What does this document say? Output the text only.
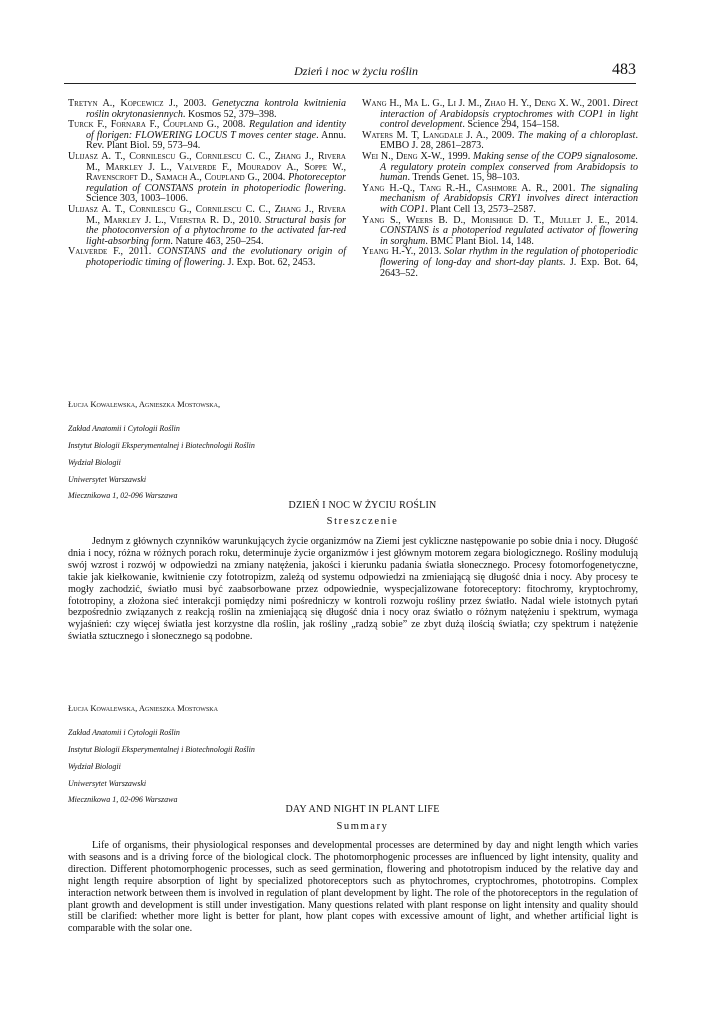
Dzień i noc w życiu roślin	483

Tretyn A., Kopcewicz J., 2003. Genetyczna kontrola kwitnienia roślin okrytonasiennych. Kosmos 52, 379–398.

Turck F., Fornara F., Coupland G., 2008. Regulation and identity of florigen: FLOWERING LOCUS T moves center stage. Annu. Rev. Plant Biol. 59, 573–94.

Ulijasz A. T., Cornilescu G., Cornilescu C. C., Zhang J., Rivera M., Markley J. L., Valverde F., Mouradov A., Soppe W., Ravenscroft D., Samach A., Coupland G., 2004. Photoreceptor regulation of CONSTANS protein in photoperiodic flowering. Science 303, 1003–1006.

Ulijasz A. T., Cornilescu G., Cornilescu C. C., Zhang J., Rivera M., Markley J. L., Vierstra R. D., 2010. Structural basis for the photoconversion of a phytochrome to the activated far-red light-absorbing form. Nature 463, 250–254.

Valverde F., 2011. CONSTANS and the evolutionary origin of photoperiodic timing of flowering. J. Exp. Bot. 62, 2453.

Wang H., Ma L. G., Li J. M., Zhao H. Y., Deng X. W., 2001. Direct interaction of Arabidopsis cryptochromes with COP1 in light control development. Science 294, 154–158.

Waters M. T, Langdale J. A., 2009. The making of a chloroplast. EMBO J. 28, 2861–2873.

Wei N., Deng X-W., 1999. Making sense of the COP9 signalosome. A regulatory protein complex conserved from Arabidopsis to human. Trends Genet. 15, 98–103.

Yang H.-Q., Tang R.-H., Cashmore A. R., 2001. The signaling mechanism of Arabidopsis CRY1 involves direct interaction with COP1. Plant Cell 13, 2573–2587.

Yang S., Weers B. D., Morishige D. T., Mullet J. E., 2014. CONSTANS is a photoperiod regulated activator of flowering in sorghum. BMC Plant Biol. 14, 148.

Yeang H.-Y., 2013. Solar rhythm in the regulation of photoperiodic flowering of long-day and short-day plants. J. Exp. Bot. 64, 2643–52.

Łucja Kowalewska, Agnieszka Mostowska,
Zakład Anatomii i Cytologii Roślin
Instytut Biologii Eksperymentalnej i Biotechnologii Roślin
Wydział Biologii
Uniwersytet Warszawski
Miecznikowa 1, 02-096 Warszawa
DZIEŃ I NOC W ŻYCIU ROŚLIN
Streszczenie

Jednym z głównych czynników warunkujących życie organizmów na Ziemi jest cykliczne następowanie po sobie dnia i nocy. Długość dnia i nocy, różna w różnych porach roku, determinuje życie organizmów i jest głównym motorem zegara biologicznego. Rośliny modulują swój wzrost i rozwój w odpowiedzi na zmiany natężenia, jakości i kierunku padania światła słonecznego. Procesy fotomorfogenetyczne, takie jak kiełkowanie, kwitnienie czy fototropizm, zależą od systemu odpowiedzi na zmieniającą się długość dnia i nocy. Aby procesy te mogły zachodzić, światło musi być zaabsorbowane przez odpowiednie, wyspecjalizowane fotoreceptory: fitochromy, kryptochromy, fototropiny, a złożona sieć interakcji pomiędzy nimi pośredniczy w kontroli rozwoju rośliny przez światło. Nadal wiele istotnych pytań bezpośrednio związanych z reakcją roślin na zmieniającą się długość dnia i nocy oraz światło o różnym natężeniu i spektrum, wymaga wyjaśnień: czy więcej światła jest korzystne dla roślin, jak rośliny „radzą sobie” ze zbyt dużą ilością światła; czy spektrum i natężenie światła sztucznego i słonecznego są podobne.

Łucja Kowalewska, Agnieszka Mostowska
Zakład Anatomii i Cytologii Roślin
Instytut Biologii Eksperymentalnej i Biotechnologii Roślin
Wydział Biologii
Uniwersytet Warszawski
Miecznikowa 1, 02-096 Warszawa
DAY AND NIGHT IN PLANT LIFE
Summary

Life of organisms, their physiological responses and developmental processes are determined by day and night length which varies with seasons and is a driving force of the biological clock. The photomorphogenic processes are influenced by light intensity, quality and direction. Different photomorphogenic processes, such as seed germination, flowering and phototropism induced by the relative day and night length require absorption of light by specialized photoreceptors such as phytochromes, cryptochromes, phototropins. Complex interaction network between them is involved in regulation of plant development by light. The role of the photoreceptors in the regulation of plant growth and development is still under investigation. Many questions related with plant response on light intensity and quality should still be clarified: whether more light is better for plant, how plant copes with excessive amount of light, and whether artificial light is comparable with the solar one.
